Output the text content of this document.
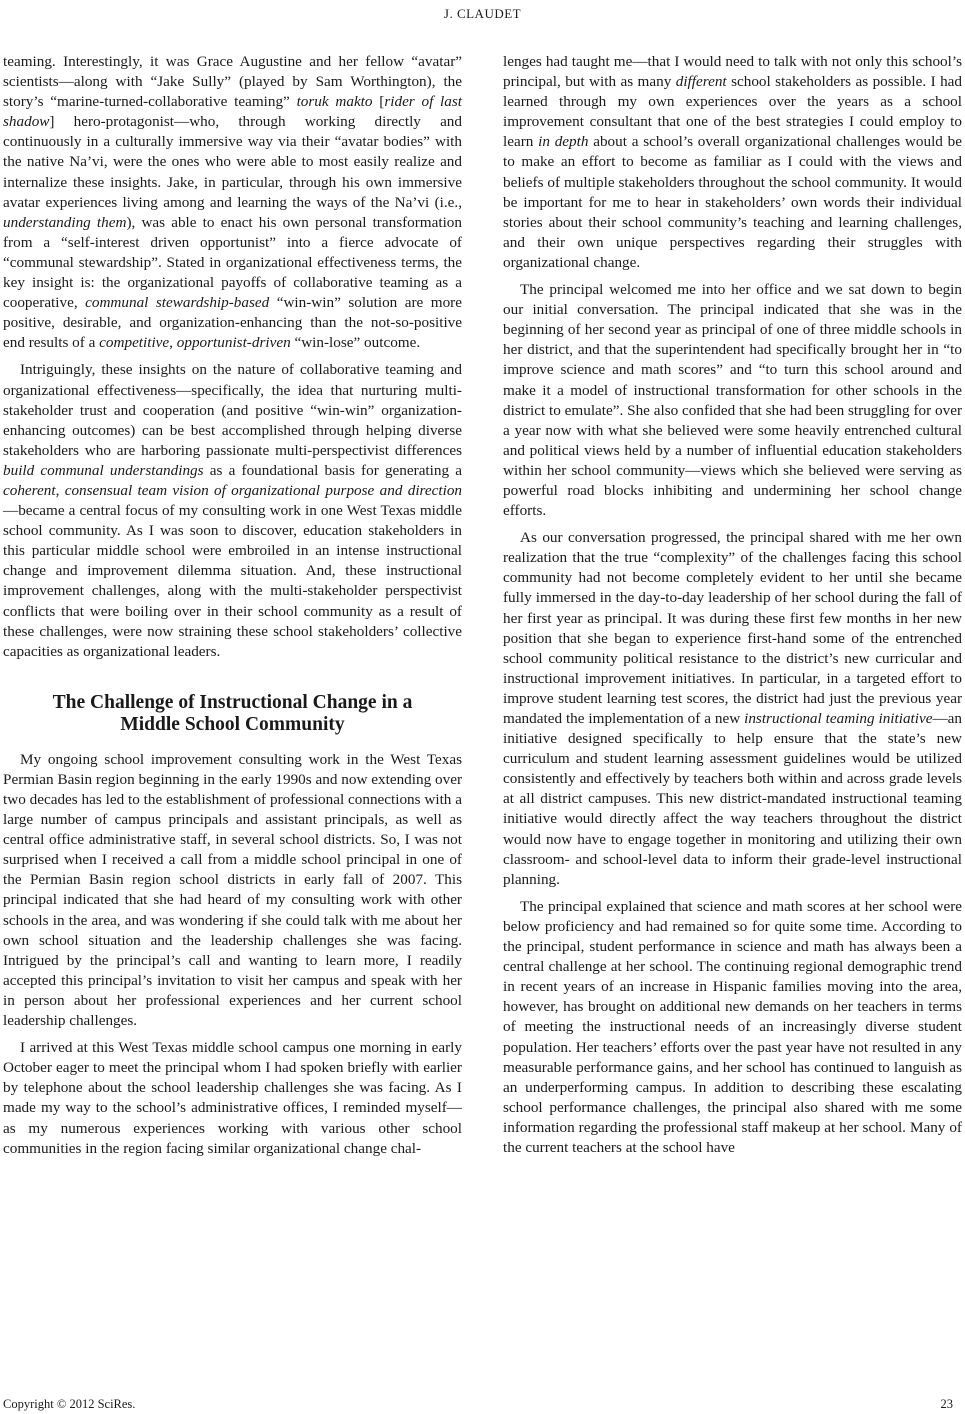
J. CLAUDET

teaming. Interestingly, it was Grace Augustine and her fellow “avatar” scientists—along with “Jake Sully” (played by Sam Worthington), the story’s “marine-turned-collaborative teaming” toruk makto [rider of last shadow] hero-protagonist—who, through working directly and continuously in a culturally immersive way via their “avatar bodies” with the native Na’vi, were the ones who were able to most easily realize and internalize these insights. Jake, in particular, through his own immersive avatar experiences living among and learning the ways of the Na’vi (i.e., understanding them), was able to enact his own personal transformation from a “self-interest driven opportunist” into a fierce advocate of “communal stewardship”. Stated in organizational effectiveness terms, the key insight is: the organizational payoffs of collaborative teaming as a cooperative, communal stewardship-based “win-win” solution are more positive, desirable, and organization-enhancing than the not-so-positive end results of a competitive, opportunist-driven “win-lose” outcome.

Intriguingly, these insights on the nature of collaborative teaming and organizational effectiveness—specifically, the idea that nurturing multi-stakeholder trust and cooperation (and positive “win-win” organization-enhancing outcomes) can be best accomplished through helping diverse stakeholders who are harboring passionate multi-perspectivist differences build communal understandings as a foundational basis for generating a coherent, consensual team vision of organizational purpose and direction—became a central focus of my consulting work in one West Texas middle school community. As I was soon to discover, education stakeholders in this particular middle school were embroiled in an intense instructional change and improvement dilemma situation. And, these instructional improvement challenges, along with the multi-stakeholder perspectivist conflicts that were boiling over in their school community as a result of these challenges, were now straining these school stakeholders’ collective capacities as organizational leaders.

The Challenge of Instructional Change in a
Middle School Community

My ongoing school improvement consulting work in the West Texas Permian Basin region beginning in the early 1990s and now extending over two decades has led to the establishment of professional connections with a large number of campus principals and assistant principals, as well as central office administrative staff, in several school districts. So, I was not surprised when I received a call from a middle school principal in one of the Permian Basin region school districts in early fall of 2007. This principal indicated that she had heard of my consulting work with other schools in the area, and was wondering if she could talk with me about her own school situation and the leadership challenges she was facing. Intrigued by the principal’s call and wanting to learn more, I readily accepted this principal’s invitation to visit her campus and speak with her in person about her professional experiences and her current school leadership challenges.

I arrived at this West Texas middle school campus one morning in early October eager to meet the principal whom I had spoken briefly with earlier by telephone about the school leadership challenges she was facing. As I made my way to the school’s administrative offices, I reminded myself—as my numerous experiences working with various other school communities in the region facing similar organizational change chal-

lenges had taught me—that I would need to talk with not only this school’s principal, but with as many different school stakeholders as possible. I had learned through my own experiences over the years as a school improvement consultant that one of the best strategies I could employ to learn in depth about a school’s overall organizational challenges would be to make an effort to become as familiar as I could with the views and beliefs of multiple stakeholders throughout the school community. It would be important for me to hear in stakeholders’ own words their individual stories about their school community’s teaching and learning challenges, and their own unique perspectives regarding their struggles with organizational change.

The principal welcomed me into her office and we sat down to begin our initial conversation. The principal indicated that she was in the beginning of her second year as principal of one of three middle schools in her district, and that the superintendent had specifically brought her in “to improve science and math scores” and “to turn this school around and make it a model of instructional transformation for other schools in the district to emulate”. She also confided that she had been struggling for over a year now with what she believed were some heavily entrenched cultural and political views held by a number of influential education stakeholders within her school community—views which she believed were serving as powerful road blocks inhibiting and undermining her school change efforts.

As our conversation progressed, the principal shared with me her own realization that the true “complexity” of the challenges facing this school community had not become completely evident to her until she became fully immersed in the day-to-day leadership of her school during the fall of her first year as principal. It was during these first few months in her new position that she began to experience first-hand some of the entrenched school community political resistance to the district’s new curricular and instructional improvement initiatives. In particular, in a targeted effort to improve student learning test scores, the district had just the previous year mandated the implementation of a new instructional teaming initiative—an initiative designed specifically to help ensure that the state’s new curriculum and student learning assessment guidelines would be utilized consistently and effectively by teachers both within and across grade levels at all district campuses. This new district-mandated instructional teaming initiative would directly affect the way teachers throughout the district would now have to engage together in monitoring and utilizing their own classroom- and school-level data to inform their grade-level instructional planning.

The principal explained that science and math scores at her school were below proficiency and had remained so for quite some time. According to the principal, student performance in science and math has always been a central challenge at her school. The continuing regional demographic trend in recent years of an increase in Hispanic families moving into the area, however, has brought on additional new demands on her teachers in terms of meeting the instructional needs of an increasingly diverse student population. Her teachers’ efforts over the past year have not resulted in any measurable performance gains, and her school has continued to languish as an underperforming campus. In addition to describing these escalating school performance challenges, the principal also shared with me some information regarding the professional staff makeup at her school. Many of the current teachers at the school have

Copyright © 2012 SciRes.	23
